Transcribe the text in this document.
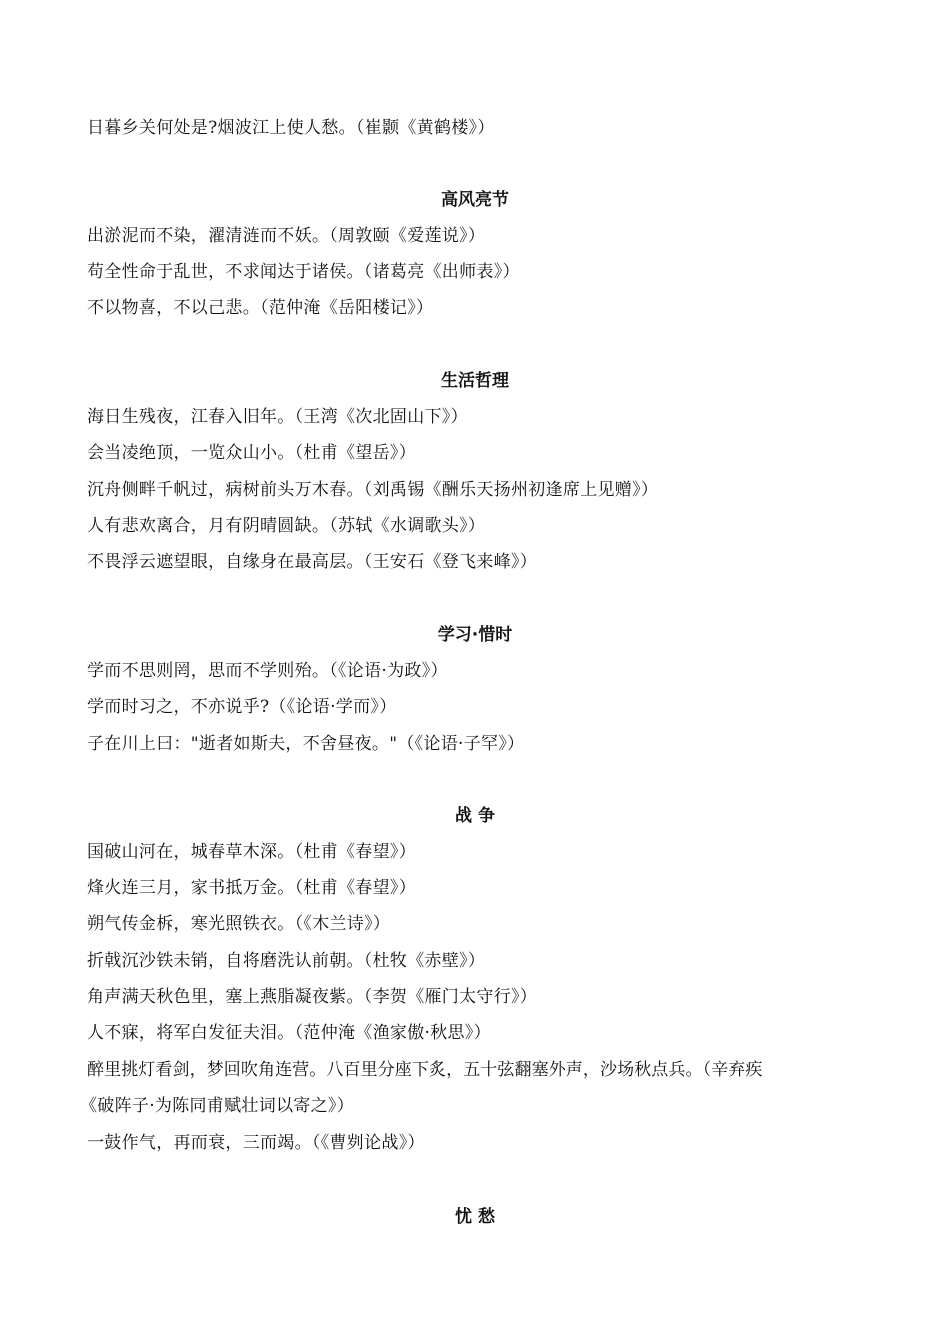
日暮乡关何处是?烟波江上使人愁。（崔颢《黄鹤楼》）
高风亮节
出淤泥而不染，濯清涟而不妖。（周敦颐《爱莲说》）
苟全性命于乱世，不求闻达于诸侯。（诸葛亮《出师表》）
不以物喜，不以己悲。（范仲淹《岳阳楼记》）
生活哲理
海日生残夜，江春入旧年。（王湾《次北固山下》）
会当凌绝顶，一览众山小。（杜甫《望岳》）
沉舟侧畔千帆过，病树前头万木春。（刘禹锡《酬乐天扬州初逢席上见赠》）
人有悲欢离合，月有阴晴圆缺。（苏轼《水调歌头》）
不畏浮云遮望眼，自缘身在最高层。（王安石《登飞来峰》）
学习·惜时
学而不思则罔，思而不学则殆。（《论语·为政》）
学而时习之，不亦说乎?（《论语·学而》）
子在川上曰："逝者如斯夫，不舍昼夜。"（《论语·子罕》）
战 争
国破山河在，城春草木深。（杜甫《春望》）
烽火连三月，家书抵万金。（杜甫《春望》）
朔气传金柝，寒光照铁衣。（《木兰诗》）
折戟沉沙铁未销，自将磨洗认前朝。（杜牧《赤壁》）
角声满天秋色里，塞上燕脂凝夜紫。（李贺《雁门太守行》）
人不寐，将军白发征夫泪。（范仲淹《渔家傲·秋思》）
醉里挑灯看剑，梦回吹角连营。八百里分座下炙，五十弦翻塞外声，沙场秋点兵。（辛弃疾
《破阵子·为陈同甫赋壮词以寄之》）
一鼓作气，再而衰，三而竭。（《曹刿论战》）
忧 愁
